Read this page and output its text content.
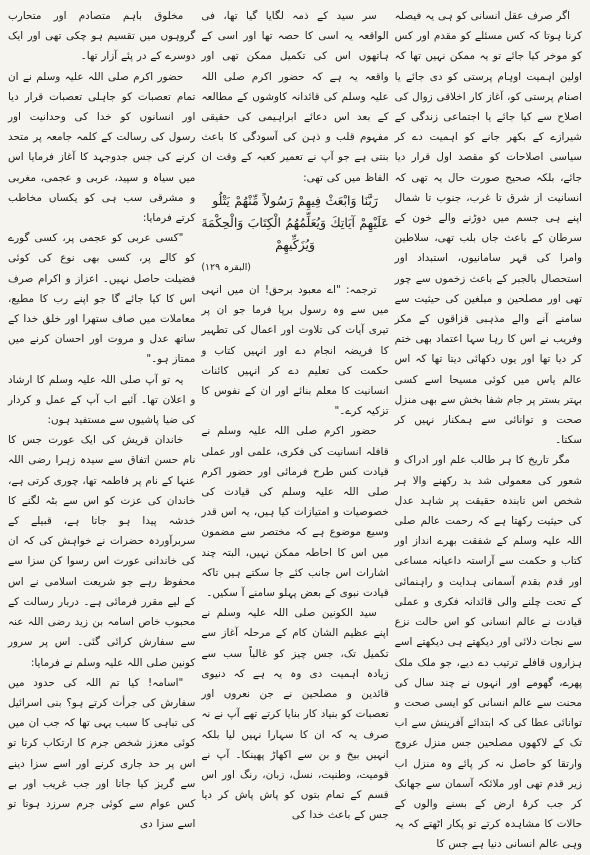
اگر صرف عقل انسانی کو ہی یہ فیصلہ کرنا ہوتا کہ کس مسئلے کو مقدم اور کس کو موخر کیا جائے تو یہ ممکن نہیں تھا کہ اولین اہمیت اوہام پرستی کو دی جائے یا اصنام پرستی کو، آغاز کار اخلاقی زوال کی اصلاح سے کیا جائے یا اجتماعی زندگی کے شیرازے کے بکھر جانے کو اہمیت دے کر سیاسی اصلاحات کو مقصد اول قرار دیا جائے، بلکہ صحیح صورت حال یہ تھی کہ انسانیت از شرق تا غرب، جنوب تا شمال اپنے ہی جسم میں دوڑنے والے خون کے سرطان کے باعث جاں بلب تھی، سلاطین وامرا کی قہر سامانیوں، استبداد اور استحصال بالجبر کے باعث زخموں سے چور تھی اور مصلحین و مبلغین کی حیثیت سے سامنے آنے والے مذہبی قزاقوں کے مکر وفریب نے اس کا رہا سہا اعتماد بھی ختم کر دیا تھا اور یوں دکھائی دیتا تھا کہ اس عالم یاس میں کوئی مسیحا اسے کسی بہتر بستر پر جام شفا بخش سے بھی منزل صحت و توانائی سے ہمکنار نہیں کر سکتا۔

مگر تاریخ کا ہر طالب علم اور ادراک و شعور کی معمولی شد بد رکھنے والا ہر شخص اس تابندہ حقیقت پر شاہد عدل کی حیثیت رکھتا ہے کہ رحمت عالم صلی اللہ علیہ وسلم کے شفقت بھرے انداز اور کتاب و حکمت سے آراستہ داعیانہ مساعی اور قدم بقدم آسمانی ہدایت و راہنمائی کے تحت چلنے والی قائدانہ فکری و عملی قیادت نے عالم انسانی کو اس حالت نزع سے نجات دلائی اور دیکھتے ہی دیکھتے اسے ہزاروں قافلے ترتیب دے دیے، جو ملک ملک پھرے، گھومے اور انہوں نے چند سال کی محنت سے عالم انسانی کو ایسی صحت و توانائی عطا کی کہ ابتدائے آفرینش سے اب تک کے لاکھوں مصلحین جس منزل عروج وارتقا کو حاصل نہ کر پائے وہ منزل اب زیر قدم تھی اور ملائکہ آسمان سے جھانک کر جب کرۂ ارض کے بسنے والوں کے حالات کا مشاہدہ کرتے تو پکار اٹھتے کہ یہ وہی عالم انسانی دنیا ہے جس کا

سر سید کے ذمہ لگایا گیا تھا، فی الواقعہ یہ اسی کا حصہ تھا اور اسی کے ہاتھوں اس کی تکمیل ممکن تھی اور واقعہ یہ ہے کہ حضور اکرم صلی اللہ علیہ وسلم کی قائدانہ کاوشوں کے مطالعہ کے بعد اس دعائے ابراہیمی کی حقیقی مفہوم قلب و ذہن کی آسودگی کا باعث بنتی ہے جو آپ نے تعمیر کعبہ کے وقت ان الفاظ میں کی تھی:

رَبَّنَا وَابْعَثْ فِيهِمْ رَسُولاً مِّنْهُمْ يَتْلُو عَلَيْهِمْ آيَاتِكَ وَيُعَلِّمُهُمُ الْكِتَابَ وَالْحِكْمَةَ وَيُزَكِّيهِمْ

(البقرہ ۱۲۹)

ترجمہ: "اے معبود برحق! ان میں انہی میں سے وہ رسول برپا فرما جو ان پر تیری آیات کی تلاوت اور اعمال کی تطہیر کا فریضہ انجام دے اور انہیں کتاب و حکمت کی تعلیم دے کر انہیں کائنات انسانیت کا معلم بنائے اور ان کے نفوس کا تزکیہ کرے۔"

حضور اکرم صلی اللہ علیہ وسلم نے قافلہ انسانیت کی فکری، علمی اور عملی قیادت کس طرح فرمائی اور حضور اکرم صلی اللہ علیہ وسلم کی قیادت کی خصوصیات و امتیازات کیا ہیں، یہ اس قدر وسیع موضوع ہے کہ مختصر سے مضمون میں اس کا احاطہ ممکن نہیں، البتہ چند اشارات اس جانب کئے جا سکتے ہیں تاکہ قیادت نبوی کے بعض پہلو سامنے آ سکیں۔

سید الکونین صلی اللہ علیہ وسلم نے اپنے عظیم الشان کام کے مرحلہ آغاز سے تکمیل تک، جس چیز کو غالباً سب سے زیادہ اہمیت دی وہ یہ ہے کہ دنیوی قائدین و مصلحین نے جن نعروں اور تعصبات کو بنیاد کار بنایا کرتے تھے آپ نے نہ صرف یہ کہ ان کا سہارا نہیں لیا بلکہ انہیں بیخ و بن سے اکھاڑ پھینکا۔ آپ نے قومیت، وطنیت، نسل، زبان، رنگ اور اس قسم کے تمام بتوں کو پاش پاش کر دیا جس کے باعث خدا کی

مخلوق باہم متصادم اور متحارب گروہوں میں تقسیم ہو چکی تھی اور ایک دوسرے کے در پئے آزار تھا۔

حضور اکرم صلی اللہ علیہ وسلم نے ان تمام تعصبات کو جاہلی تعصبات قرار دیا اور انسانوں کو خدا کی وحدانیت اور رسول کی رسالت کے کلمہ جامعہ پر متحد کرنے کی جس جدوجہد کا آغاز فرمایا اس میں سیاہ و سپید، عربی و عجمی، مغربی و مشرقی سب ہی کو یکساں مخاطب کرتے فرمایا:

"کسی عربی کو عجمی پر، کسی گورے کو کالے پر، کسی بھی نوع کی کوئی فضیلت حاصل نہیں۔ اعزاز و اکرام صرف اس کا کیا جائے گا جو اپنے رب کا مطیع، معاملات میں صاف ستھرا اور خلق خدا کے ساتھ عدل و مروت اور احسان کرنے میں ممتاز ہو۔"

یہ تو آپ صلی اللہ علیہ وسلم کا ارشاد و اعلان تھا۔ آئیے اب آپ کے عمل و کردار کی ضیا پاشیوں سے مستفید ہوں:

خاندان قریش کی ایک عورت جس کا نام حسن اتفاق سے سیدہ زہرا رضی اللہ عنہا کے نام پر فاطمہ تھا، چوری کرتی ہے، خاندان کی عزت کو اس سے بٹہ لگنے کا خدشہ پیدا ہو جاتا ہے، قبیلے کے سربرآوردہ حضرات نے خواہش کی کہ ان کی خاندانی عورت اس رسوا کن سزا سے محفوظ رہے جو شریعت اسلامی نے اس کے لیے مقرر فرمائی ہے۔ دربار رسالت کے محبوب خاص اسامہ بن زید رضی اللہ عنہ سے سفارش کرائی گئی۔ اس پر سرور کونین صلی اللہ علیہ وسلم نے فرمایا:

"اسامہ! کیا تم اللہ کی حدود میں سفارش کی جرأت کرتے ہو؟ بنی اسرائیل کی تباہی کا سبب یہی تھا کہ جب ان میں کوئی معزز شخص جرم کا ارتکاب کرتا تو اس پر حد جاری کرنے اور اسے سزا دینے سے گریز کیا جاتا اور جب غریب اور بے کس عوام سے کوئی جرم سرزد ہوتا تو اسے سزا دی
